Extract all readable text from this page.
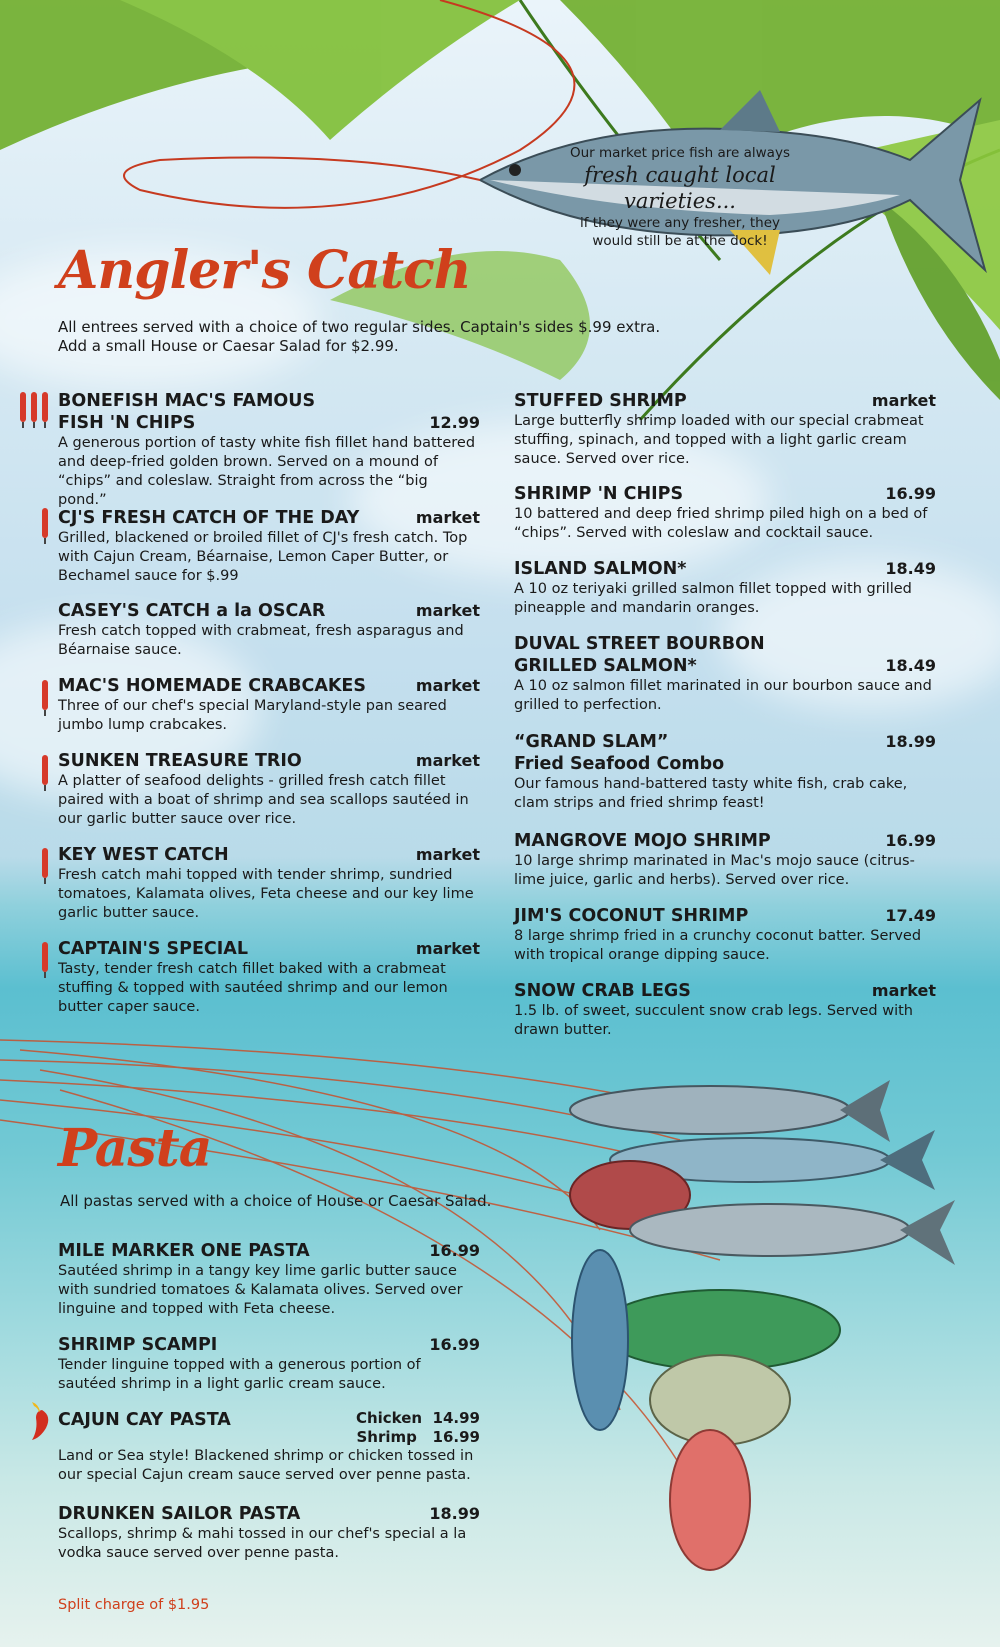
Our market price fish are always
fresh caught local varieties...
if they were any fresher, they
would still be at the dock!
Angler's Catch
All entrees served with a choice of two regular sides. Captain's sides $.99 extra.
Add a small House or Caesar Salad for $2.99.
BONEFISH MAC'S FAMOUS
FISH 'N CHIPS	12.99

A generous portion of tasty white fish fillet hand battered and deep-fried golden brown. Served on a mound of “chips” and coleslaw. Straight from across the “big pond.”

CJ'S FRESH CATCH OF THE DAY	market

Grilled, blackened or broiled fillet of CJ's fresh catch. Top with Cajun Cream, Béarnaise, Lemon Caper Butter, or Bechamel sauce for $.99

CASEY'S CATCH a la OSCAR	market

Fresh catch topped with crabmeat, fresh asparagus and Béarnaise sauce.

MAC'S HOMEMADE CRABCAKES	market

Three of our chef's special Maryland-style pan seared jumbo lump crabcakes.

SUNKEN TREASURE TRIO	market

A platter of seafood delights - grilled fresh catch fillet paired with a boat of shrimp and sea scallops sautéed in our garlic butter sauce over rice.

KEY WEST CATCH	market

Fresh catch mahi topped with tender shrimp, sundried tomatoes, Kalamata olives, Feta cheese and our key lime garlic butter sauce.

CAPTAIN'S SPECIAL	market

Tasty, tender fresh catch fillet baked with a crabmeat stuffing & topped with sautéed shrimp and our lemon butter caper sauce.

STUFFED SHRIMP	market

Large butterfly shrimp loaded with our special crabmeat stuffing, spinach, and topped with a light garlic cream sauce. Served over rice.

SHRIMP 'N CHIPS	16.99

10 battered and deep fried shrimp piled high on a bed of “chips”. Served with coleslaw and cocktail sauce.

ISLAND SALMON*	18.49

A 10 oz teriyaki grilled salmon fillet topped with grilled pineapple and mandarin oranges.

DUVAL STREET BOURBON
GRILLED SALMON*	18.49

A 10 oz salmon fillet marinated in our bourbon sauce and grilled to perfection.

“GRAND SLAM”	18.99
Fried Seafood Combo

Our famous hand-battered tasty white fish, crab cake, clam strips and fried shrimp feast!

MANGROVE MOJO SHRIMP	16.99

10 large shrimp marinated in Mac's mojo sauce (citrus-lime juice, garlic and herbs). Served over rice.

JIM'S COCONUT SHRIMP	17.49

8 large shrimp fried in a crunchy coconut batter. Served with tropical orange dipping sauce.

SNOW CRAB LEGS	market

1.5 lb. of sweet, succulent snow crab legs. Served with drawn butter.

Pasta
All pastas served with a choice of House or Caesar Salad.
MILE MARKER ONE PASTA	16.99

Sautéed shrimp in a tangy key lime garlic butter sauce with sundried tomatoes & Kalamata olives. Served over linguine and topped with Feta cheese.

SHRIMP SCAMPI	16.99

Tender linguine topped with a generous portion of sautéed shrimp in a light garlic cream sauce.

CAJUN CAY PASTA	Chicken 14.99
Shrimp 16.99

Land or Sea style! Blackened shrimp or chicken tossed in our special Cajun cream sauce served over penne pasta.

DRUNKEN SAILOR PASTA	18.99

Scallops, shrimp & mahi tossed in our chef's special a la vodka sauce served over penne pasta.

Split charge of $1.95
